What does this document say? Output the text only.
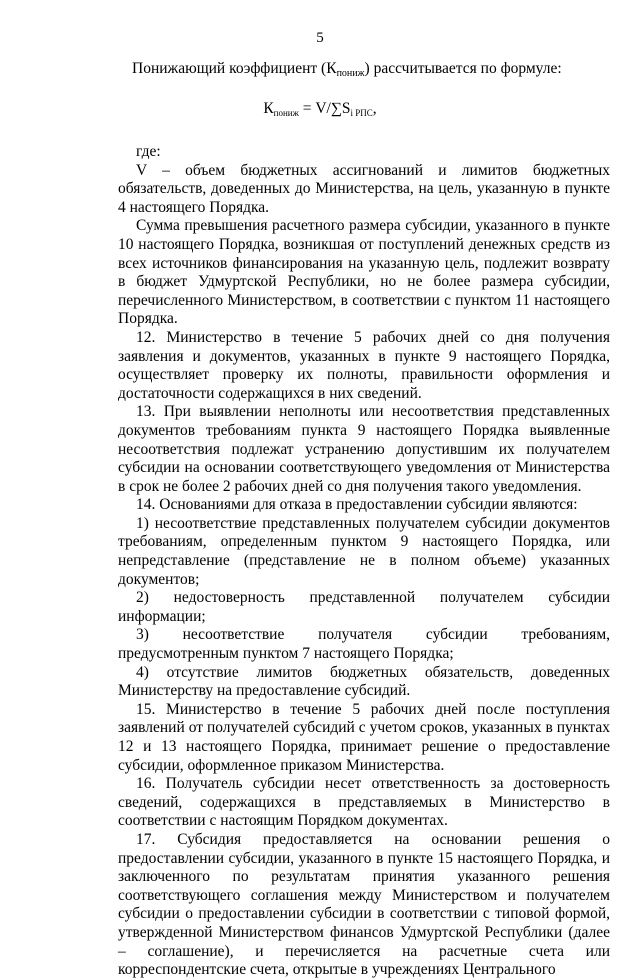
5
Понижающий коэффициент $(К_{пониж})$ рассчитывается по формуле:
$К_{пониж} = V/\sum S_{i РПС}$,

где:

V – объем бюджетных ассигнований и лимитов бюджетных обязательств, доведенных до Министерства, на цель, указанную в пункте 4 настоящего Порядка.

Сумма превышения расчетного размера субсидии, указанного в пункте 10 настоящего Порядка, возникшая от поступлений денежных средств из всех источников финансирования на указанную цель, подлежит возврату в бюджет Удмуртской Республики, но не более размера субсидии, перечисленного Министерством, в соответствии с пунктом 11 настоящего Порядка.

12. Министерство в течение 5 рабочих дней со дня получения заявления и документов, указанных в пункте 9 настоящего Порядка, осуществляет проверку их полноты, правильности оформления и достаточности содержащихся в них сведений.

13. При выявлении неполноты или несоответствия представленных документов требованиям пункта 9 настоящего Порядка выявленные несоответствия подлежат устранению допустившим их получателем субсидии на основании соответствующего уведомления от Министерства в срок не более 2 рабочих дней со дня получения такого уведомления.

14. Основаниями для отказа в предоставлении субсидии являются:

1) несоответствие представленных получателем субсидии документов требованиям, определенным пунктом 9 настоящего Порядка, или непредставление (представление не в полном объеме) указанных документов;

2) недостоверность представленной получателем субсидии информации;

3) несоответствие получателя субсидии требованиям, предусмотренным пунктом 7 настоящего Порядка;

4) отсутствие лимитов бюджетных обязательств, доведенных Министерству на предоставление субсидий.

15. Министерство в течение 5 рабочих дней после поступления заявлений от получателей субсидий с учетом сроков, указанных в пунктах 12 и 13 настоящего Порядка, принимает решение о предоставление субсидии, оформленное приказом Министерства.

16. Получатель субсидии несет ответственность за достоверность сведений, содержащихся в представляемых в Министерство в соответствии с настоящим Порядком документах.

17. Субсидия предоставляется на основании решения о предоставлении субсидии, указанного в пункте 15 настоящего Порядка, и заключенного по результатам принятия указанного решения соответствующего соглашения между Министерством и получателем субсидии о предоставлении субсидии в соответствии с типовой формой, утвержденной Министерством финансов Удмуртской Республики (далее – соглашение), и перечисляется на расчетные счета или корреспондентские счета, открытые в учреждениях Центрального
